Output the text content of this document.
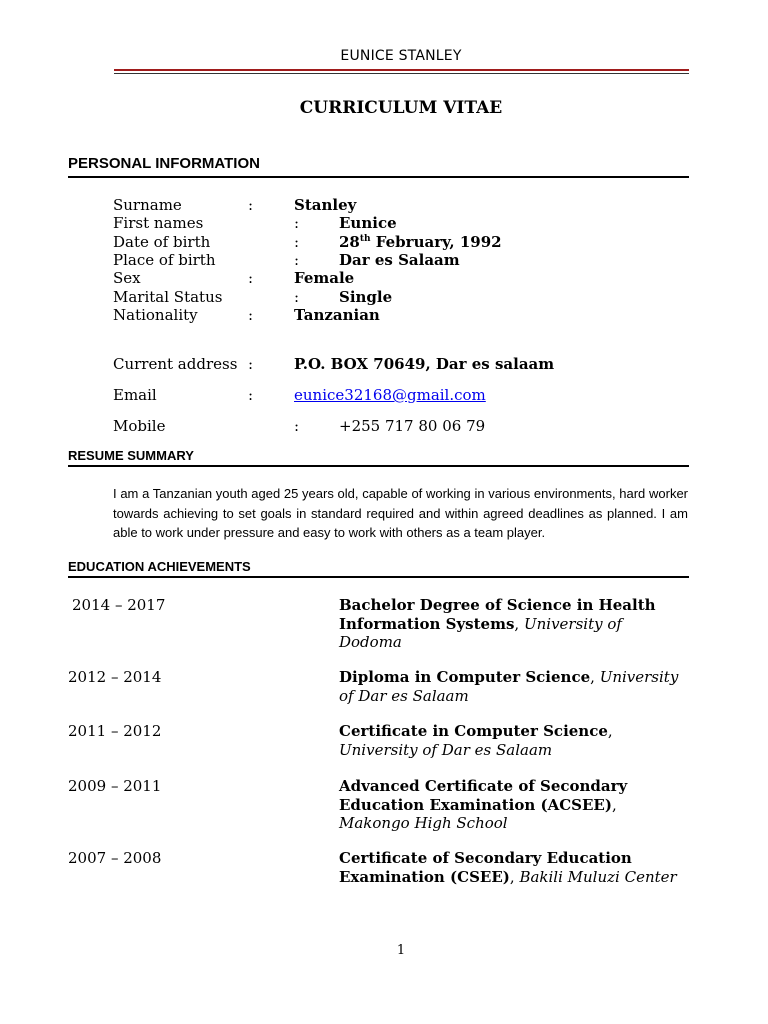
EUNICE STANLEY
CURRICULUM VITAE
PERSONAL INFORMATION
Surname	:	Stanley
First names	:	Eunice
Date of birth	:	28th February, 1992
Place of birth	:	Dar es Salaam
Sex	:	Female
Marital Status	:	Single
Nationality	:	Tanzanian
Current address :	P.O. BOX 70649, Dar es salaam
Email	:	eunice32168@gmail.com
Mobile	:	+255 717 80 06 79
RESUME SUMMARY
I am a Tanzanian youth aged 25 years old, capable of working in various environments, hard worker towards achieving to set goals in standard required and within agreed deadlines as planned. I am able to work under pressure and easy to work with others as a team player.
EDUCATION ACHIEVEMENTS
2014 – 2017	Bachelor Degree of Science in Health Information Systems, University of Dodoma
2012 – 2014	Diploma in Computer Science, University of Dar es Salaam
2011 – 2012	Certificate in Computer Science,
University of Dar es Salaam
2009 – 2011	Advanced Certificate of Secondary Education Examination (ACSEE),
Makongo High School
2007 – 2008	Certificate of Secondary Education Examination (CSEE), Bakili Muluzi Center
1
